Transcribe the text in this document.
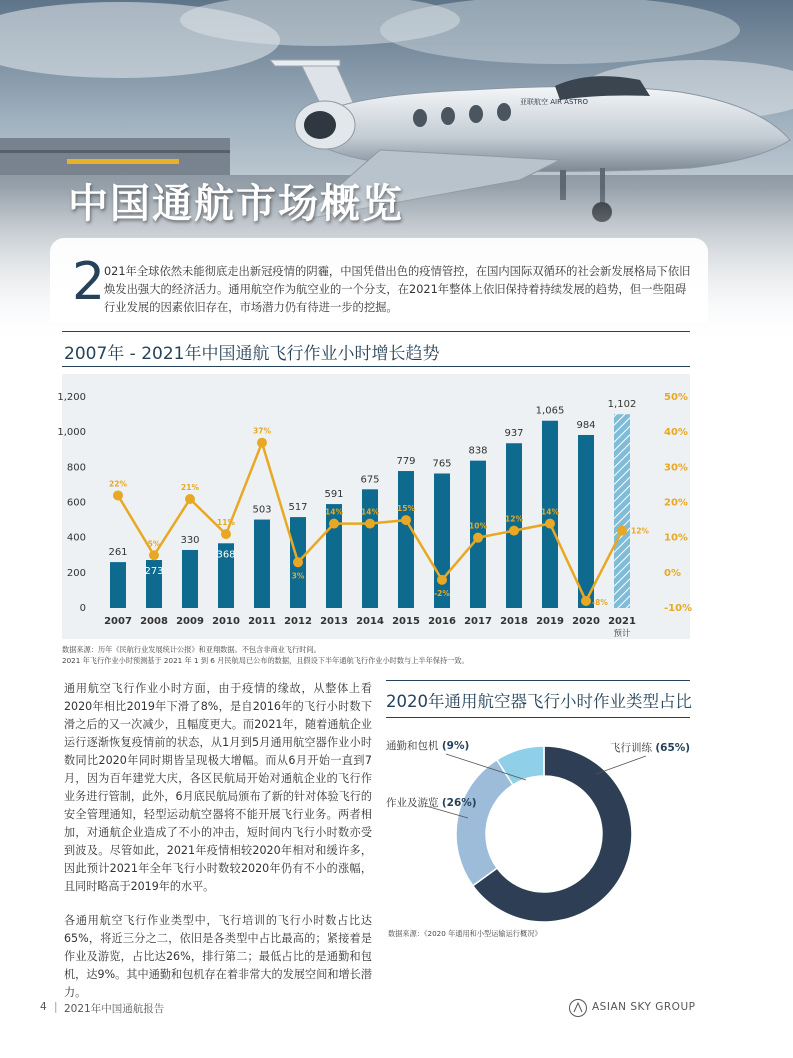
中国通航市场概览
2
021年全球依然未能彻底走出新冠疫情的阴霾，中国凭借出色的疫情管控，在国内国际双循环的社会新发展格局下依旧焕发出强大的经济活力。通用航空作为航空业的一个分支，在2021年整体上依旧保持着持续发展的趋势，但一些阻碍行业发展的因素依旧存在，市场潜力仍有待进一步的挖掘。
2007年 - 2021年中国通航飞行作业小时增长趋势
1,200
1,000
800
600
400
200
0
50%
40%
30%
20%
10%
0%
-10%
261
2007
273
2008
330
2009
368
2010
503
2011
517
2012
591
2013
675
2014
779
2015
765
2016
838
2017
937
2018
1,065
2019
984
2020
1,102
2021
预计
22%
5%
21%
11%
37%
3%
14% 14% 15%
-2%
10%
12%
14%
-8%
12%
数据来源：历年《民航行业发展统计公报》和亚翔数据。不包含非商业飞行时间。
2021 年飞行作业小时预测基于 2021 年 1 到 6 月民航局已公布的数据，且假设下半年通航飞行作业小时数与上半年保持一致。
通用航空飞行作业小时方面，由于疫情的缘故，从整体上看2020年相比2019年下滑了8%，是自2016年的飞行小时数下滑之后的又一次减少，且幅度更大。而2021年，随着通航企业运行逐渐恢复疫情前的状态，从1月到5月通用航空器作业小时数同比2020年同时期皆呈现极大增幅。而从6月开始一直到7月，因为百年建党大庆，各区民航局开始对通航企业的飞行作业务进行管制，此外，6月底民航局颁布了新的针对体验飞行的安全管理通知，轻型运动航空器将不能开展飞行业务。两者相加，对通航企业造成了不小的冲击，短时间内飞行小时数亦受到波及。尽管如此，2021年疫情相较2020年相对和缓许多，因此预计2021年全年飞行小时数较2020年仍有不小的涨幅，且同时略高于2019年的水平。
各通用航空飞行作业类型中，飞行培训的飞行小时数占比达65%，将近三分之二，依旧是各类型中占比最高的；紧接着是作业及游览，占比达26%，排行第二；最低占比的是通勤和包机，达9%。其中通勤和包机存在着非常大的发展空间和增长潜力。
2020年通用航空器飞行小时作业类型占比
通勤和包机 (9%)
作业及游览 (26%)
飞行训练 (65%)
数据来源：《2020 年通用和小型运输运行概况》
4 | 2021年中国通航报告	ASIAN SKY GROUP
